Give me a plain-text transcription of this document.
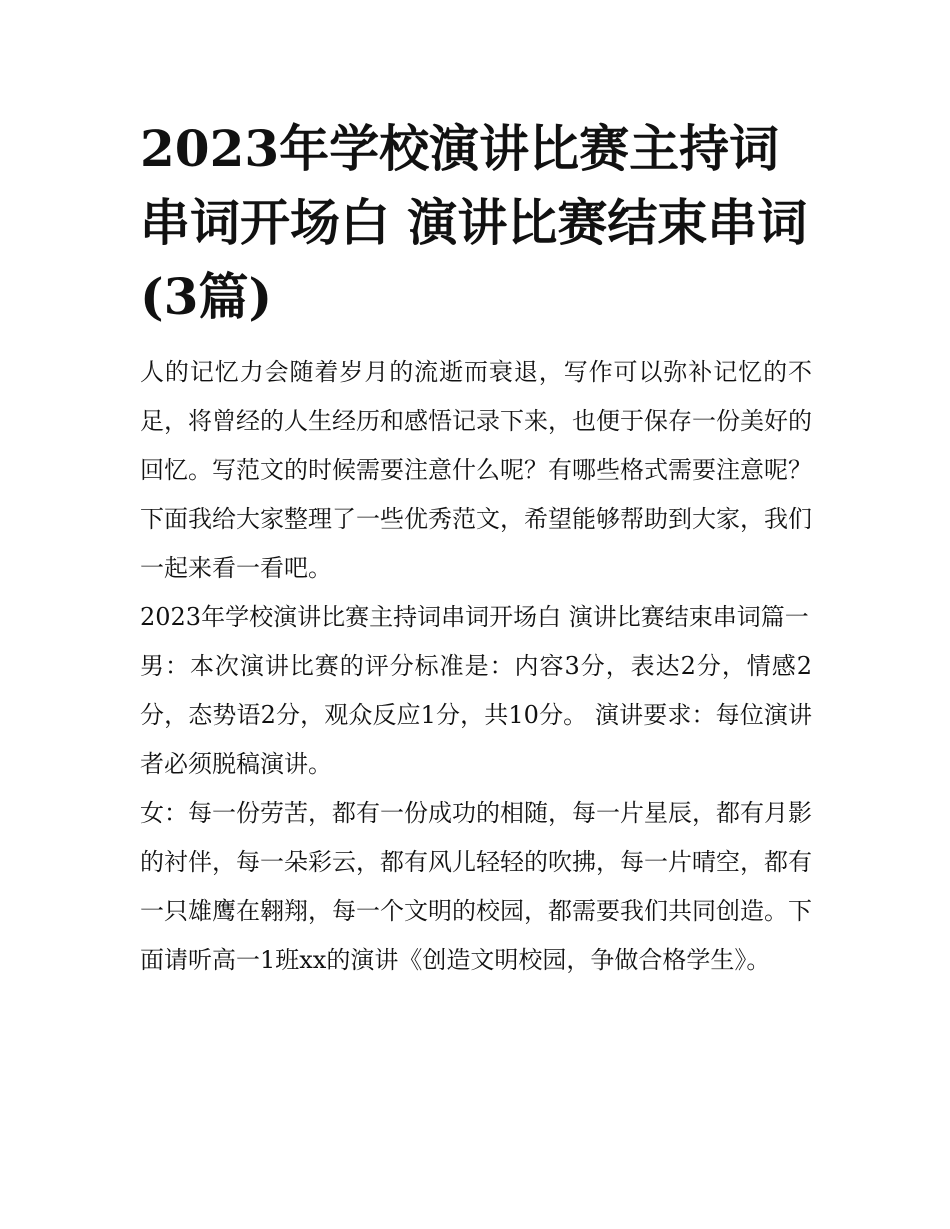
2023年学校演讲比赛主持词串词开场白 演讲比赛结束串词(3篇)

人的记忆力会随着岁月的流逝而衰退，写作可以弥补记忆的不足，将曾经的人生经历和感悟记录下来，也便于保存一份美好的回忆。写范文的时候需要注意什么呢？有哪些格式需要注意呢？下面我给大家整理了一些优秀范文，希望能够帮助到大家，我们一起来看一看吧。

2023年学校演讲比赛主持词串词开场白 演讲比赛结束串词篇一

男：本次演讲比赛的评分标准是：内容3分，表达2分，情感2分，态势语2分，观众反应1分，共10分。 演讲要求：每位演讲者必须脱稿演讲。

女：每一份劳苦，都有一份成功的相随，每一片星辰，都有月影的衬伴，每一朵彩云，都有风儿轻轻的吹拂，每一片晴空，都有一只雄鹰在翱翔，每一个文明的校园，都需要我们共同创造。下面请听高一1班xx的演讲《创造文明校园，争做合格学生》。
